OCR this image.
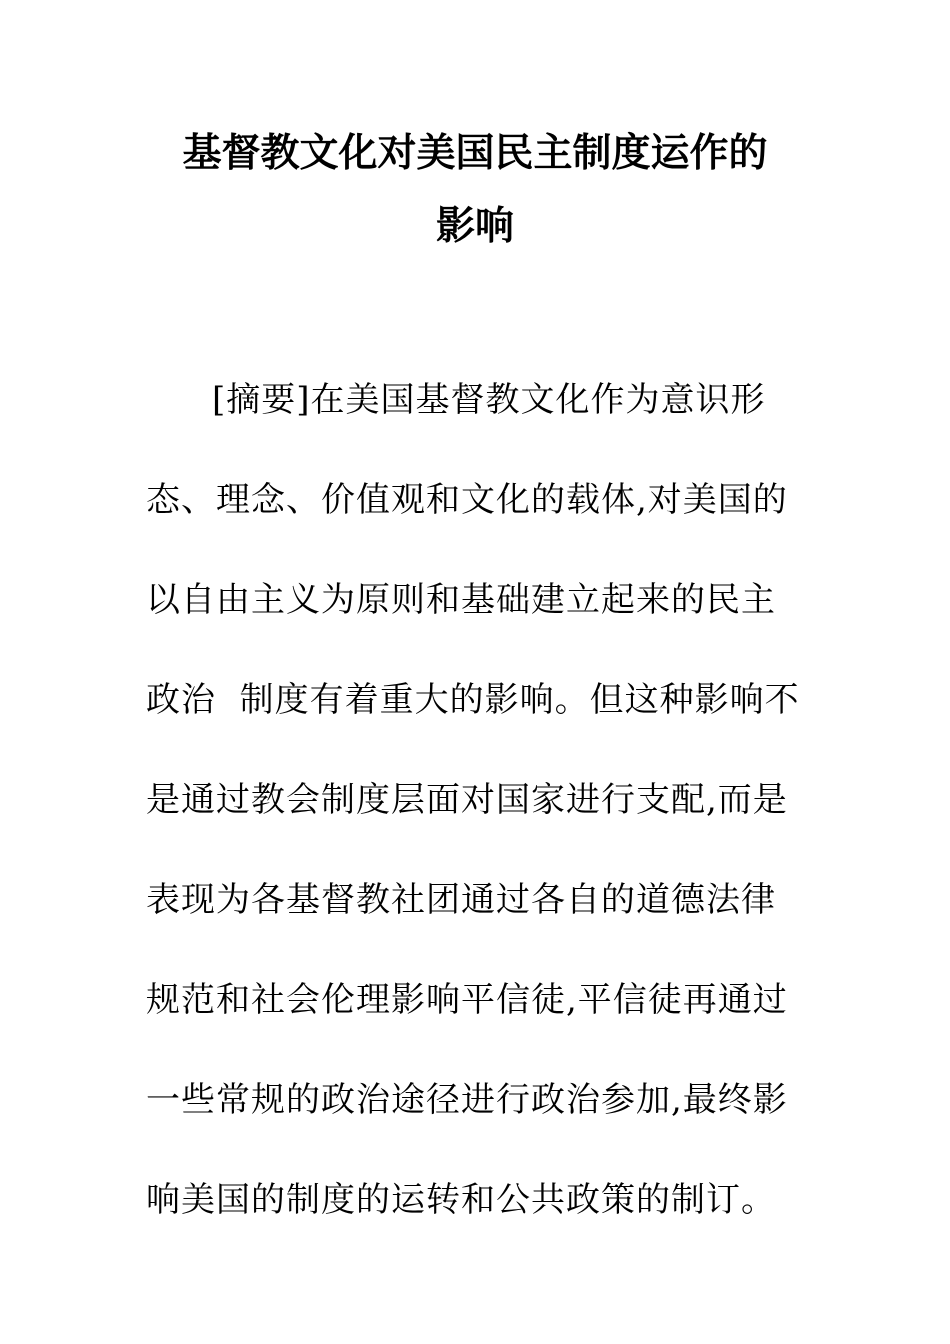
基督教文化对美国民主制度运作的
影响
[摘要]在美国基督教文化作为意识形
态、理念、价值观和文化的载体,对美国的
以自由主义为原则和基础建立起来的民主
政治  制度有着重大的影响。但这种影响不
是通过教会制度层面对国家进行支配,而是
表现为各基督教社团通过各自的道德法律
规范和社会伦理影响平信徒,平信徒再通过
一些常规的政治途径进行政治参加,最终影
响美国的制度的运转和公共政策的制订。
